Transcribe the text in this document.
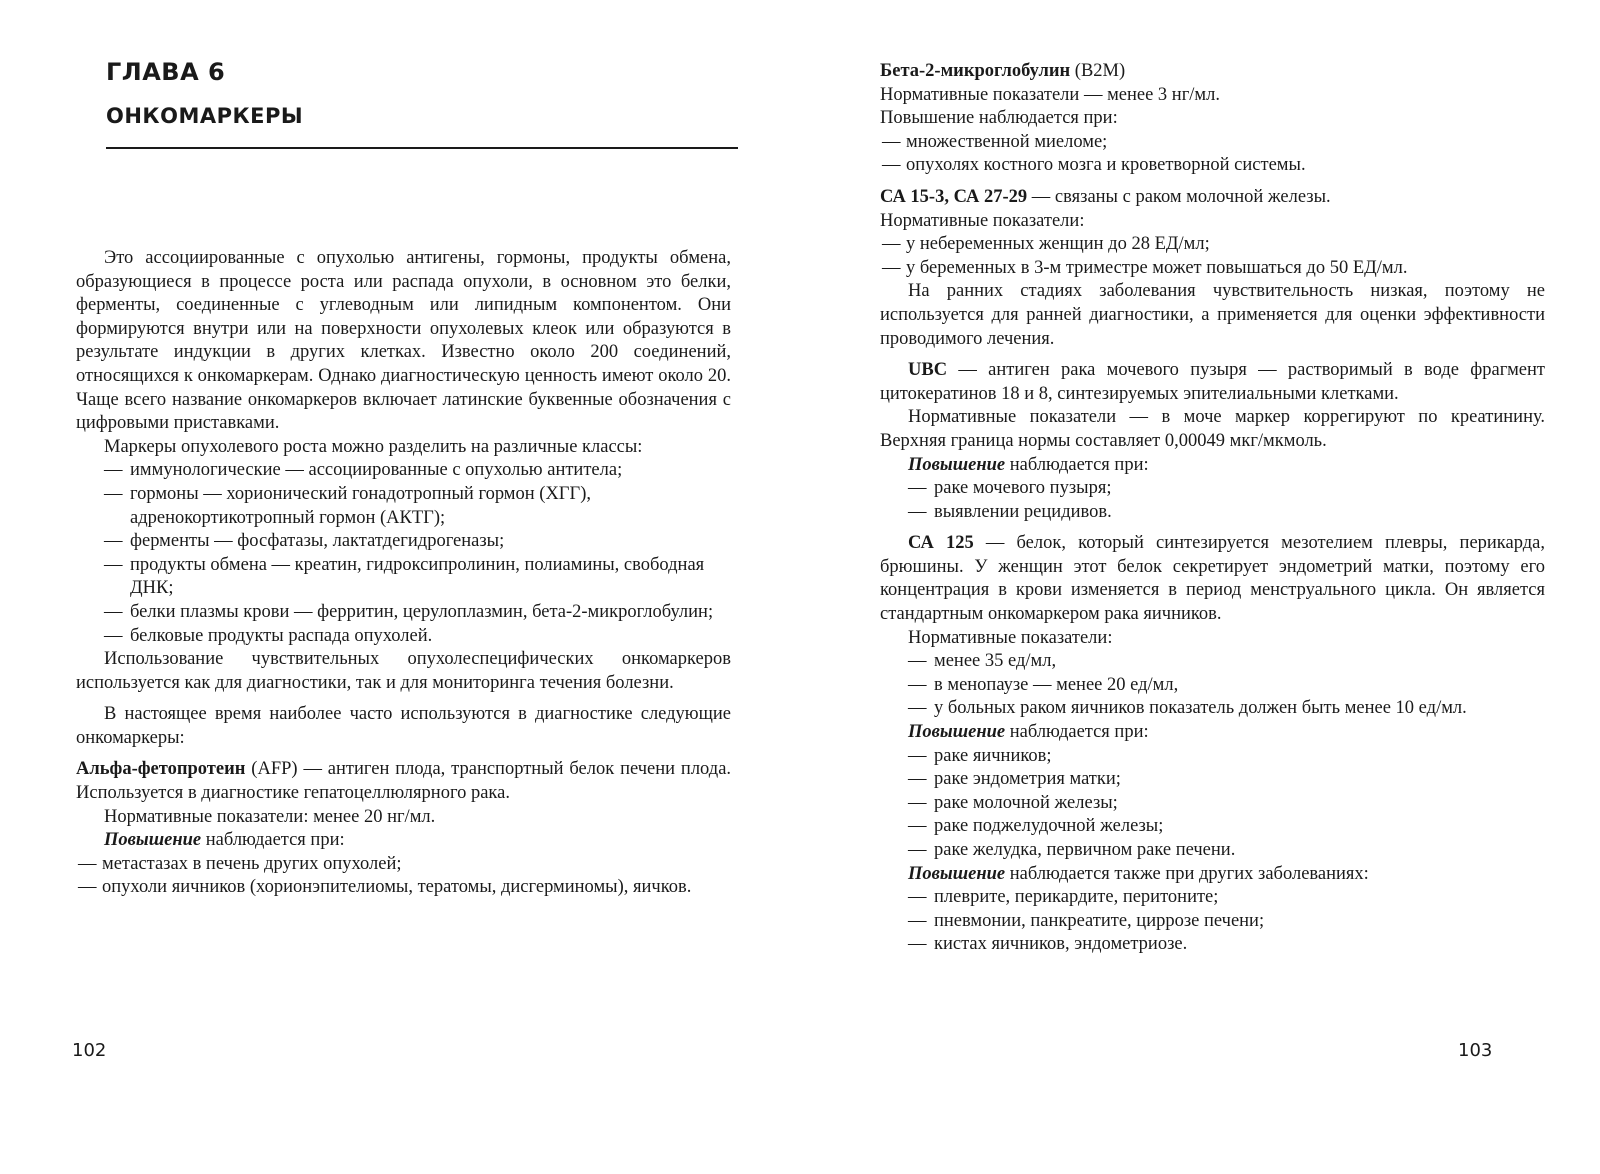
ГЛАВА 6
ОНКОМАРКЕРЫ

Это ассоциированные с опухолью антигены, гормоны, продукты обмена, образующиеся в процессе роста или распада опухоли, в основном это белки, ферменты, соединенные с углеводным или липидным компонентом. Они формируются внутри или на поверхности опухолевых клеок или образуются в результате индукции в других клетках. Известно около 200 соединений, относящихся к онкомаркерам. Однако диагностическую ценность имеют около 20. Чаще всего название онкомаркеров включает латинские буквенные обозначения с цифровыми приставками.

Маркеры опухолевого роста можно разделить на различные классы:

— иммунологические — ассоциированные с опухолью антитела;
— гормоны — хорионический гонадотропный гормон (ХГГ), адренокортикотропный гормон (АКТГ);
— ферменты — фосфатазы, лактатдегидрогеназы;
— продукты обмена — креатин, гидроксипролинин, полиамины, свободная ДНК;
— белки плазмы крови — ферритин, церулоплазмин, бета-2-микроглобулин;
— белковые продукты распада опухолей.

Использование чувствительных опухолеспецифических онкомаркеров используется как для диагностики, так и для мониторинга течения болезни.

В настоящее время наиболее часто используются в диагностике следующие онкомаркеры:

Альфа-фетопротеин (AFP) — антиген плода, транспортный белок печени плода. Используется в диагностике гепатоцеллюлярного рака.

Нормативные показатели: менее 20 нг/мл.

Повышение наблюдается при:

— метастазах в печень других опухолей;
— опухоли яичников (хорионэпителиомы, тератомы, дисгерминомы), яичков.
102

Бета-2-микроглобулин (B2M)

Нормативные показатели — менее 3 нг/мл.

Повышение наблюдается при:

— множественной миеломе;
— опухолях костного мозга и кроветворной системы.

СА 15-3, СА 27-29 — связаны с раком молочной железы.

Нормативные показатели:

— у небеременных женщин до 28 ЕД/мл;
— у беременных в 3-м триместре может повышаться до 50 ЕД/мл.

На ранних стадиях заболевания чувствительность низкая, поэтому не используется для ранней диагностики, а применяется для оценки эффективности проводимого лечения.

UBC — антиген рака мочевого пузыря — растворимый в воде фрагмент цитокератинов 18 и 8, синтезируемых эпителиальными клетками.

Нормативные показатели — в моче маркер коррегируют по креатинину. Верхняя граница нормы составляет 0,00049 мкг/мкмоль.

Повышение наблюдается при:

— раке мочевого пузыря;
— выявлении рецидивов.

СА 125 — белок, который синтезируется мезотелием плевры, перикарда, брюшины. У женщин этот белок секретирует эндометрий матки, поэтому его концентрация в крови изменяется в период менструального цикла. Он является стандартным онкомаркером рака яичников.

Нормативные показатели:

— менее 35 ед/мл,
— в менопаузе — менее 20 ед/мл,
— у больных раком яичников показатель должен быть менее 10 ед/мл.

Повышение наблюдается при:

— раке яичников;
— раке эндометрия матки;
— раке молочной железы;
— раке поджелудочной железы;
— раке желудка, первичном раке печени.

Повышение наблюдается также при других заболеваниях:

— плеврите, перикардите, перитоните;
— пневмонии, панкреатите, циррозе печени;
— кистах яичников, эндометриозе.
103
